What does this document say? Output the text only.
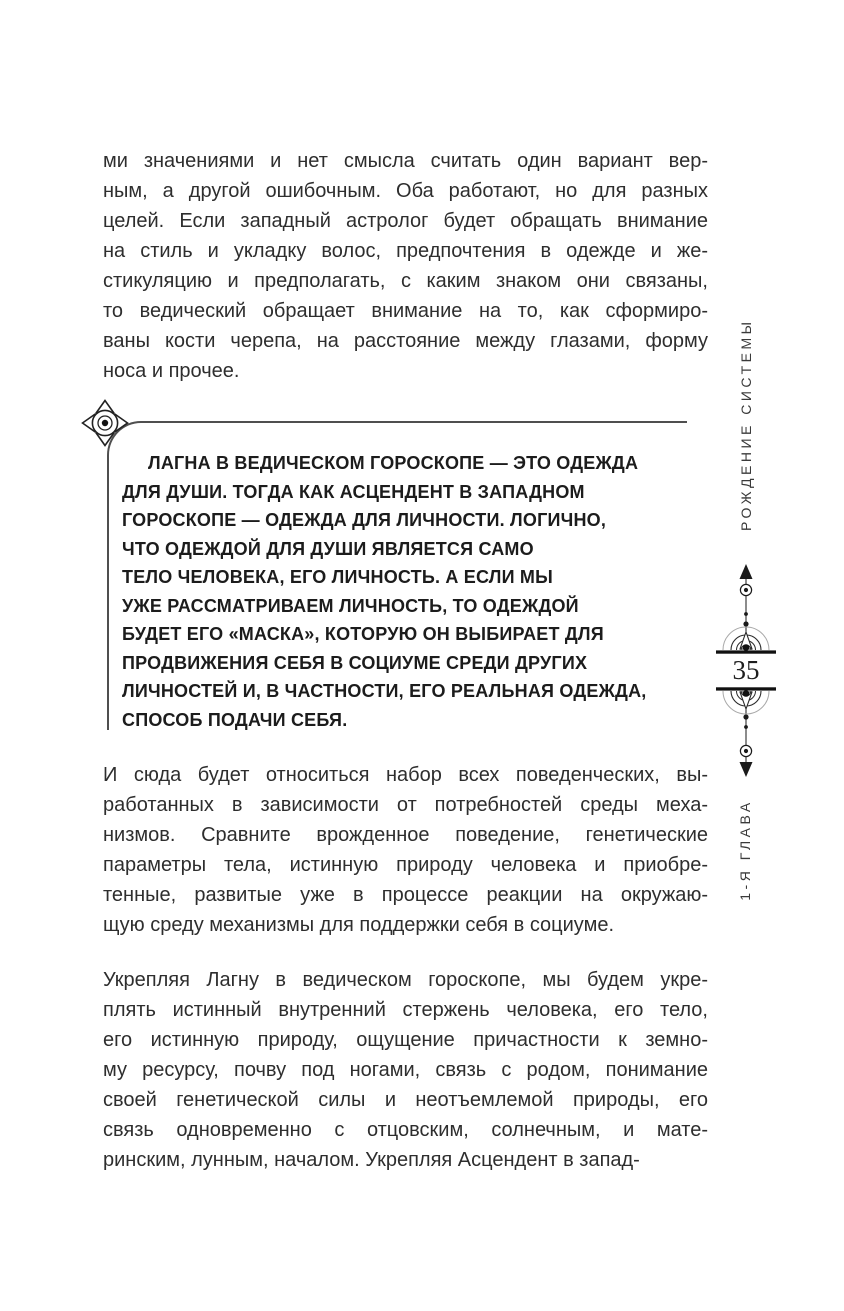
ми значениями и нет смысла считать один вариант вер-
ным, а другой ошибочным. Оба работают, но для разных
целей. Если западный астролог будет обращать внимание
на стиль и укладку волос, предпочтения в одежде и же-
стикуляцию и предполагать, с каким знаком они связаны,
то ведический обращает внимание на то, как сформиро-
ваны кости черепа, на расстояние между глазами, форму
носа и прочее.
ЛАГНА В ВЕДИЧЕСКОМ ГОРОСКОПЕ — ЭТО ОДЕЖДА
ДЛЯ ДУШИ. ТОГДА КАК АСЦЕНДЕНТ В ЗАПАДНОМ
ГОРОСКОПЕ — ОДЕЖДА ДЛЯ ЛИЧНОСТИ. ЛОГИЧНО,
ЧТО ОДЕЖДОЙ ДЛЯ ДУШИ ЯВЛЯЕТСЯ САМО
ТЕЛО ЧЕЛОВЕКА, ЕГО ЛИЧНОСТЬ. А ЕСЛИ МЫ
УЖЕ РАССМАТРИВАЕМ ЛИЧНОСТЬ, ТО ОДЕЖДОЙ
БУДЕТ ЕГО «МАСКА», КОТОРУЮ ОН ВЫБИРАЕТ ДЛЯ
ПРОДВИЖЕНИЯ СЕБЯ В СОЦИУМЕ СРЕДИ ДРУГИХ
ЛИЧНОСТЕЙ И, В ЧАСТНОСТИ, ЕГО РЕАЛЬНАЯ ОДЕЖДА,
СПОСОБ ПОДАЧИ СЕБЯ.
И сюда будет относиться набор всех поведенческих, вы-
работанных в зависимости от потребностей среды меха-
низмов. Сравните врожденное поведение, генетические
параметры тела, истинную природу человека и приобре-
тенные, развитые уже в процессе реакции на окружаю-
щую среду механизмы для поддержки себя в социуме.
Укрепляя Лагну в ведическом гороскопе, мы будем укре-
плять истинный внутренний стержень человека, его тело,
его истинную природу, ощущение причастности к земно-
му ресурсу, почву под ногами, связь с родом, понимание
своей генетической силы и неотъемлемой природы, его
связь одновременно с отцовским, солнечным, и мате-
ринским, лунным, началом. Укрепляя Асцендент в запад-
РОЖДЕНИЕ СИСТЕМЫ
1-Я ГЛАВА
35
